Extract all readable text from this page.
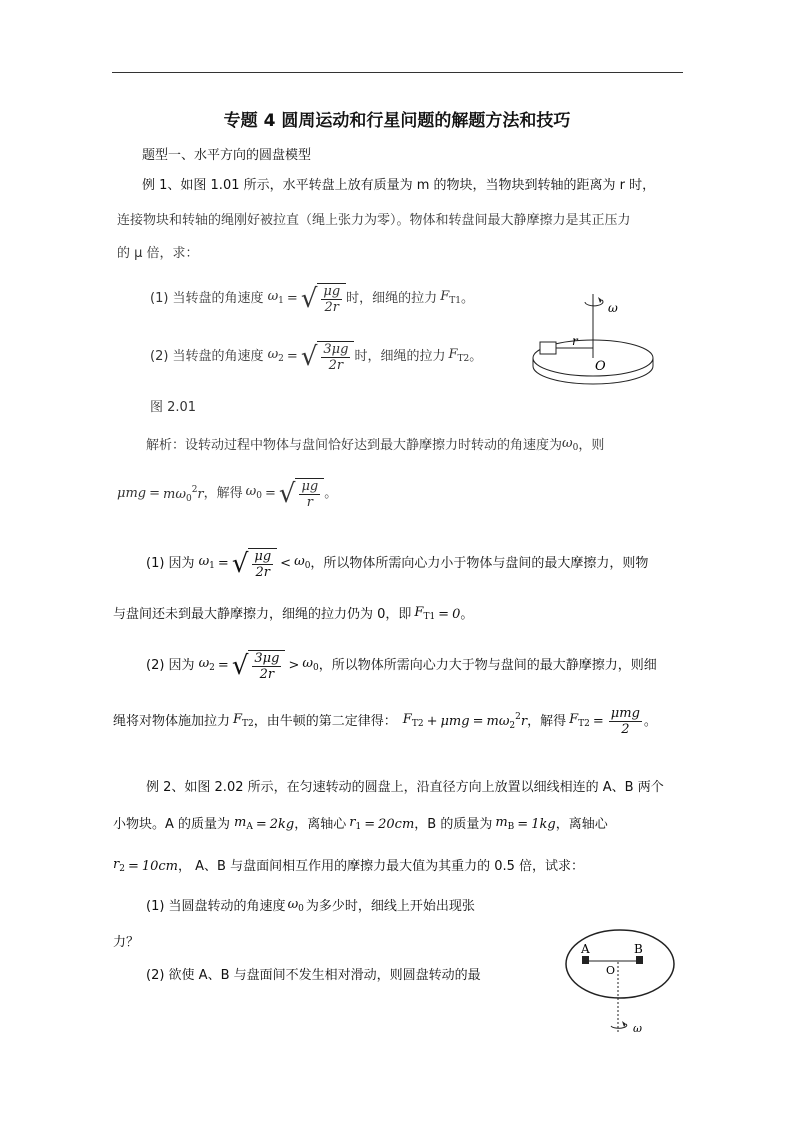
专题 4 圆周运动和行星问题的解题方法和技巧
题型一、水平方向的圆盘模型
例 1、如图 1.01 所示，水平转盘上放有质量为 m 的物块，当物块到转轴的距离为 r 时，
连接物块和转轴的绳刚好被拉直（绳上张力为零）。物体和转盘间最大静摩擦力是其正压力
的 μ 倍，求：
(1) 当转盘的角速度 $\omega_1$ = √ $\frac{\mu g}{2r}$ 时，细绳的拉力 $F_{T1}$ 。
(2) 当转盘的角速度 $\omega_2$ = √ $\frac{3\mu g}{2r}$ 时，细绳的拉力 $F_{T2}$ 。
ω
r
O
图 2.01
解析：设转动过程中物体与盘间恰好达到最大静摩擦力时转动的角速度为 $\omega_0$ ，则
$\mu mg = m\omega_0^2r$ ，解得 $\omega_0$ = √ $\frac{\mu g}{r}$ 。
(1) 因为 $\omega_1$ = √ $\frac{\mu g}{2r} < \omega_0$ ，所以物体所需向心力小于物体与盘间的最大摩擦力，则物
与盘间还未到最大静摩擦力，细绳的拉力仍为 0，即 $F_{T1} = 0$ 。
(2) 因为 $\omega_2$ = √ $\frac{3\mu g}{2r} > \omega_0$ ，所以物体所需向心力大于物与盘间的最大静摩擦力，则细
绳将对物体施加拉力 $F_{T2}$ ，由牛顿的第二定律得： $F_{T2} + \mu mg = m\omega_2^2r$ ，解得 $F_{T2} = \frac{\text{μmg}}{2}$ 。
例 2、如图 2.02 所示，在匀速转动的圆盘上，沿直径方向上放置以细线相连的 A、B 两个
小物块。A 的质量为 $m_A = 2kg$ ，离轴心 $r_1 = 20cm$ ，B 的质量为 $m_B = 1kg$ ，离轴心
$r_2 = 10cm$ ， A、B 与盘面间相互作用的摩擦力最大值为其重力的 0.5 倍，试求：
(1) 当圆盘转动的角速度 $\omega_0$ 为多少时，细线上开始出现张
力？
(2) 欲使 A、B 与盘面间不发生相对滑动，则圆盘转动的最
A	B
O
ω
